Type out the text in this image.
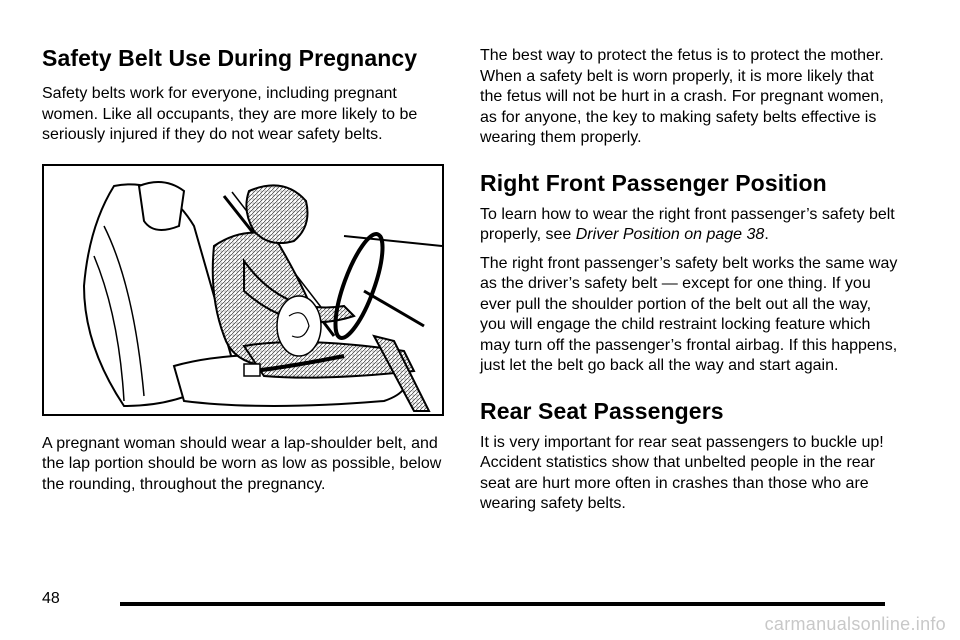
Safety Belt Use During Pregnancy

Safety belts work for everyone, including pregnant women. Like all occupants, they are more likely to be seriously injured if they do not wear safety belts.

A pregnant woman should wear a lap-shoulder belt, and the lap portion should be worn as low as possible, below the rounding, throughout the pregnancy.

The best way to protect the fetus is to protect the mother. When a safety belt is worn properly, it is more likely that the fetus will not be hurt in a crash. For pregnant women, as for anyone, the key to making safety belts effective is wearing them properly.

Right Front Passenger Position

To learn how to wear the right front passenger’s safety belt properly, see Driver Position on page 38.

The right front passenger’s safety belt works the same way as the driver’s safety belt — except for one thing. If you ever pull the shoulder portion of the belt out all the way, you will engage the child restraint locking feature which may turn off the passenger’s frontal airbag. If this happens, just let the belt go back all the way and start again.

Rear Seat Passengers

It is very important for rear seat passengers to buckle up! Accident statistics show that unbelted people in the rear seat are hurt more often in crashes than those who are wearing safety belts.

48
carmanualsonline.info
